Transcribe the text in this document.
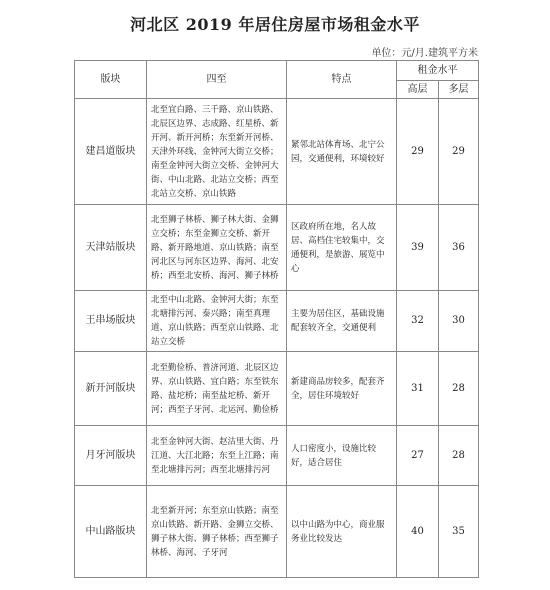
河北区 2019 年居住房屋市场租金水平
单位：元/月.建筑平方米
版块	四至	特点	租金水平	
			高层	多层
建昌道版块	北至宜白路、三千路、京山铁路、北辰区边界、志成路、红星桥、新开河、新开河桥；东至新开河桥、天津外环线、金钟河大街立交桥；南至金钟河大街立交桥、金钟河大街、中山北路、北站立交桥；西至北站立交桥、京山铁路	紧邻北站体育场、北宁公园，交通便利，环境较好	29	29
天津站版块	北至狮子林桥、狮子林大街、金狮立交桥；东至金狮立交桥、新开路、新开路地道、京山铁路；南至河北区与河东区边界、海河、北安桥；西至北安桥、海河、狮子林桥	区政府所在地，名人故居、高档住宅较集中，交通便利，是旅游、展览中心	39	36
王串场版块	北至中山北路、金钟河大街；东至北塘排污河、泰兴路；南至真理道、京山铁路；西至京山铁路、北站立交桥	主要为居住区，基础设施配套较齐全，交通便利	32	30
新开河版块	北至勤俭桥、普济河道、北辰区边界、京山铁路、宜白路；东至铁东路、盐坨桥；南至盐坨桥、新开河；西至子牙河、北运河、勤俭桥	新建商品房较多，配套齐全，居住环境较好	31	28
月牙河版块	北至金钟河大街、赵沽里大街、丹江道、大江北路；东至上江路；南至北塘排污河；西至北塘排污河	人口密度小，设施比较好，适合居住	27	28
中山路版块	北至新开河；东至京山铁路；南至京山铁路、新开路、金狮立交桥、狮子林大街、狮子林桥；西至狮子林桥、海河、子牙河	以中山路为中心，商业服务业比较发达	40	35
